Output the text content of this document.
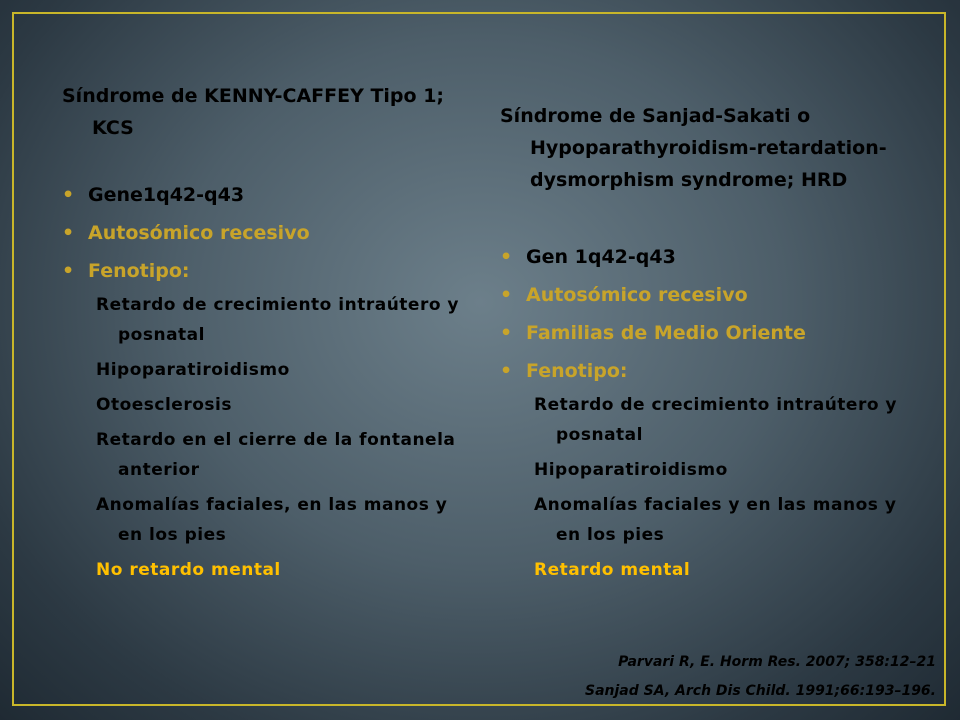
Síndrome de KENNY-CAFFEY Tipo 1; KCS

• Gene1q42-q43
• Autosómico recesivo
• Fenotipo:

Retardo de crecimiento intraútero y posnatal

Hipoparatiroidismo

Otoesclerosis

Retardo en el cierre de la fontanela anterior

Anomalías faciales, en las manos y en los pies

No retardo mental

Síndrome de Sanjad-Sakati o Hypoparathyroidism-retardation-dysmorphism syndrome; HRD

• Gen 1q42-q43
• Autosómico recesivo
• Familias de Medio Oriente
• Fenotipo:

Retardo de crecimiento intraútero y posnatal

Hipoparatiroidismo

Anomalías faciales y en las manos y en los pies

Retardo mental

Parvari R, E. Horm Res. 2007; 358:12–21
Sanjad SA, Arch Dis Child. 1991;66:193–196.
